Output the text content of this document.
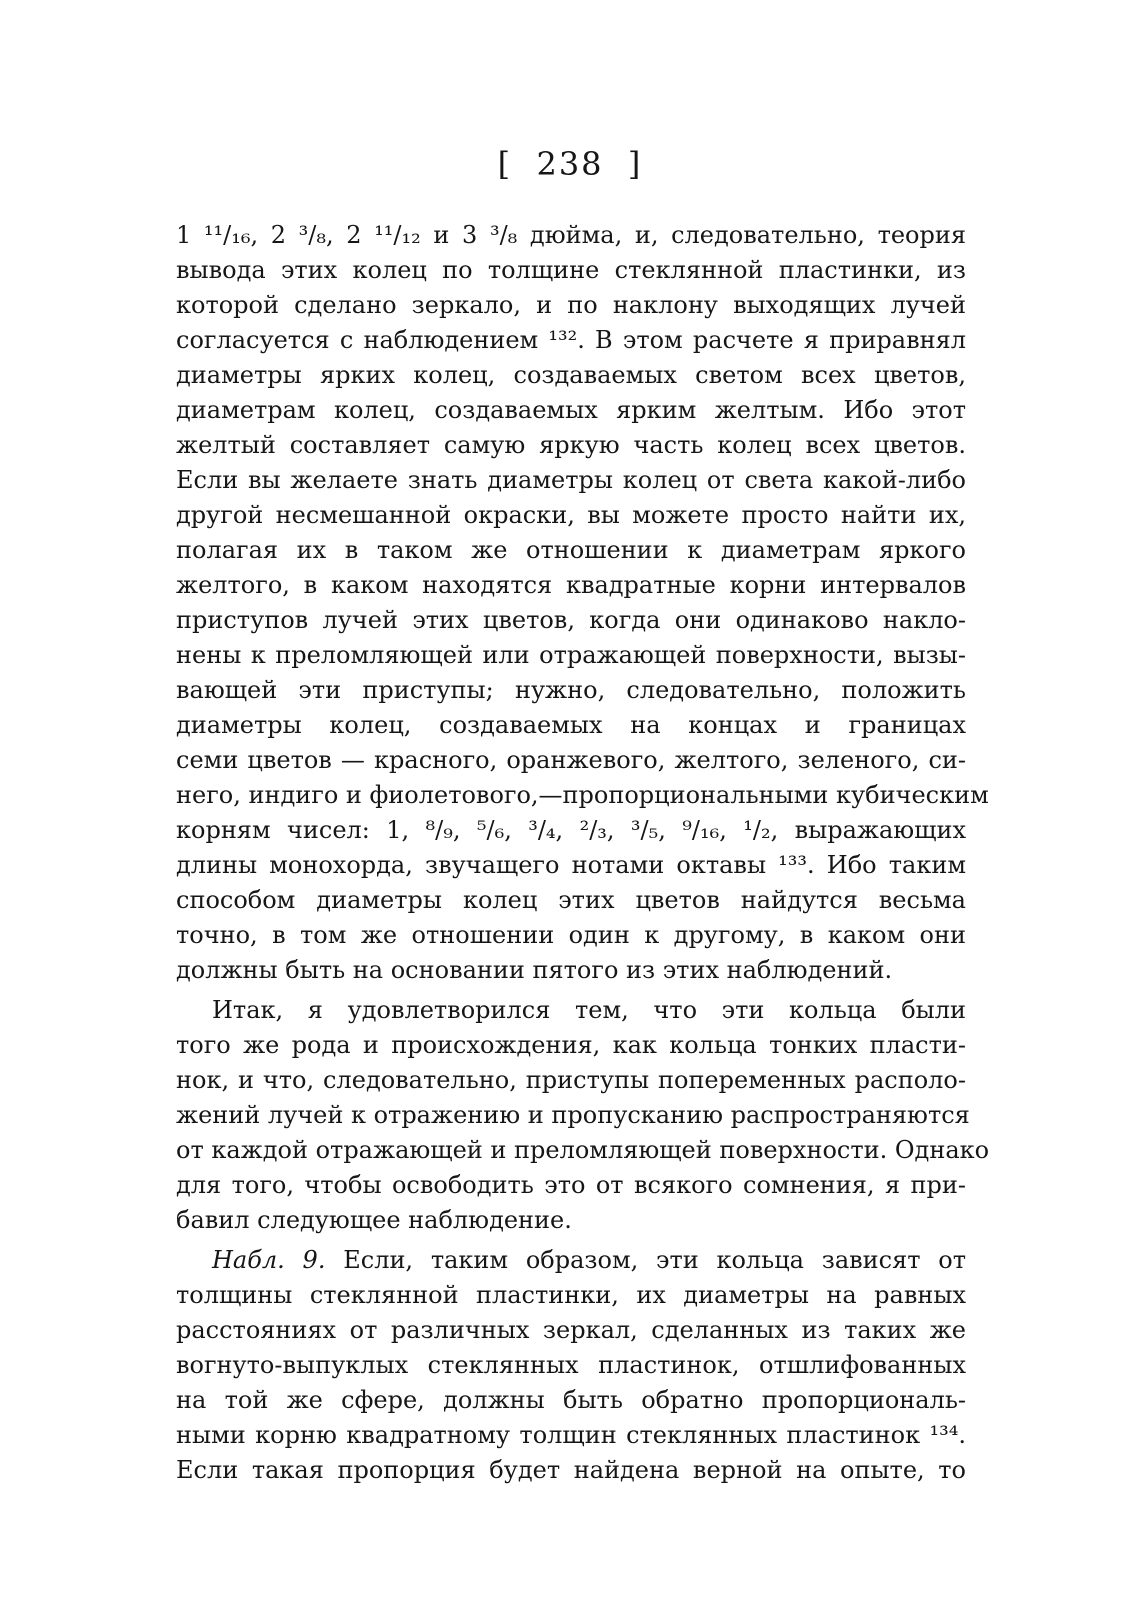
[  238  ]
1 ¹¹/₁₆, 2 ³/₈, 2 ¹¹/₁₂ и 3 ³/₈ дюйма, и, следовательно, теория
вывода этих колец по толщине стеклянной пластинки, из
которой сделано зеркало, и по наклону выходящих лучей
согласуется с наблюдением ¹³². В этом расчете я приравнял
диаметры ярких колец, создаваемых светом всех цветов,
диаметрам колец, создаваемых ярким желтым. Ибо этот
желтый составляет самую яркую часть колец всех цветов.
Если вы желаете знать диаметры колец от света какой-либо
другой несмешанной окраски, вы можете просто найти их,
полагая их в таком же отношении к диаметрам яркого
желтого, в каком находятся квадратные корни интервалов
приступов лучей этих цветов, когда они одинаково накло-
нены к преломляющей или отражающей поверхности, вызы-
вающей эти приступы; нужно, следовательно, положить
диаметры колец, создаваемых на концах и границах
семи цветов — красного, оранжевого, желтого, зеленого, си-
него, индиго и фиолетового,—пропорциональными кубическим
корням чисел: 1, ⁸/₉, ⁵/₆, ³/₄, ²/₃, ³/₅, ⁹/₁₆, ¹/₂, выражающих
длины монохорда, звучащего нотами октавы ¹³³. Ибо таким
способом диаметры колец этих цветов найдутся весьма
точно, в том же отношении один к другому, в каком они
должны быть на основании пятого из этих наблюдений.
Итак, я удовлетворился тем, что эти кольца были
того же рода и происхождения, как кольца тонких пласти-
нок, и что, следовательно, приступы попеременных располо-
жений лучей к отражению и пропусканию распространяются
от каждой отражающей и преломляющей поверхности. Однако
для того, чтобы освободить это от всякого сомнения, я при-
бавил следующее наблюдение.
Набл. 9. Если, таким образом, эти кольца зависят от
толщины стеклянной пластинки, их диаметры на равных
расстояниях от различных зеркал, сделанных из таких же
вогнуто-выпуклых стеклянных пластинок, отшлифованных
на той же сфере, должны быть обратно пропорциональ-
ными корню квадратному толщин стеклянных пластинок ¹³⁴.
Если такая пропорция будет найдена верной на опыте, то
